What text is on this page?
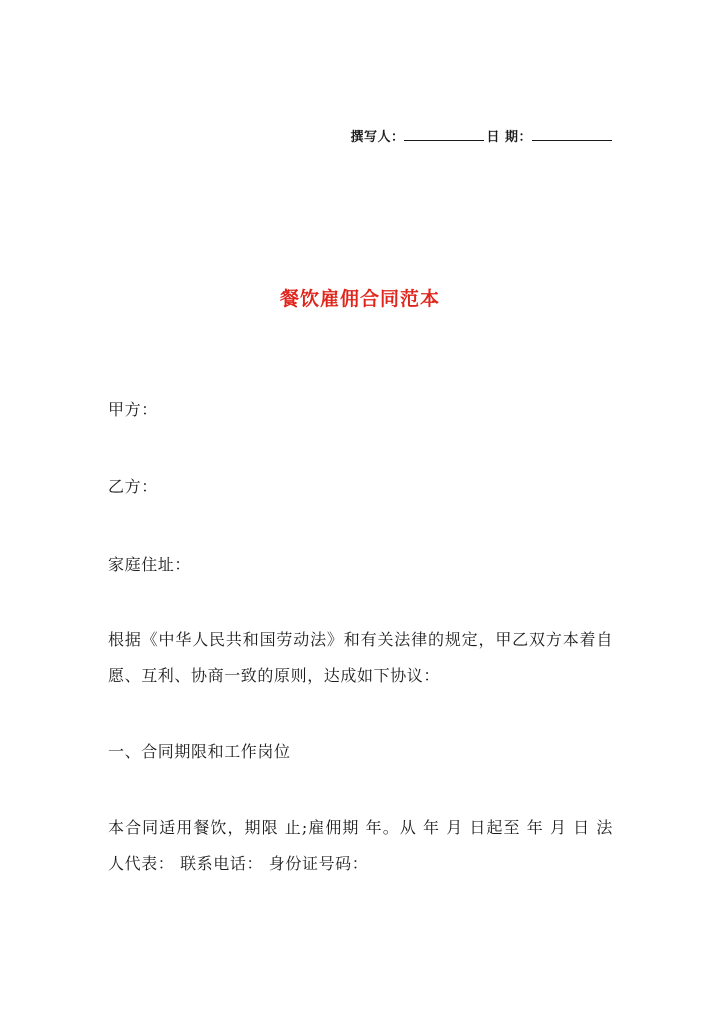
撰写人：	日 期：
餐饮雇佣合同范本
甲方：
乙方：
家庭住址：
根据《中华人民共和国劳动法》和有关法律的规定，甲乙双方本着自愿、互利、协商一致的原则，达成如下协议：
一、合同期限和工作岗位
本合同适用餐饮，期限 止;雇佣期 年。从 年 月 日起至 年 月 日 法人代表： 联系电话： 身份证号码：
